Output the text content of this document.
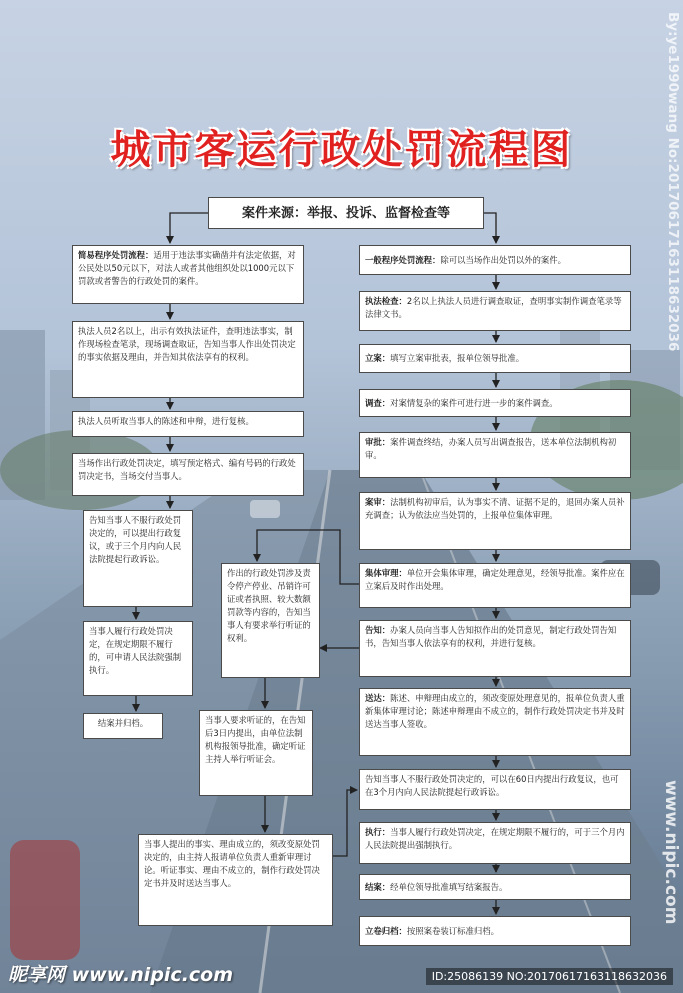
城市客运行政处罚流程图
案件来源：举报、投诉、监督检查等
简易程序处罚流程：适用于违法事实确凿并有法定依据，对公民处以50元以下，对法人或者其他组织处以1000元以下罚款或者警告的行政处罚的案件。
执法人员2名以上，出示有效执法证件，查明违法事实，制作现场检查笔录，现场调查取证，告知当事人作出处罚决定的事实依据及理由，并告知其依法享有的权利。
执法人员听取当事人的陈述和申辩，进行复核。
当场作出行政处罚决定，填写预定格式、编有号码的行政处罚决定书，当场交付当事人。
告知当事人不服行政处罚决定的，可以提出行政复议，或于三个月内向人民法院提起行政诉讼。
当事人履行行政处罚决定，在规定期限不履行的，可申请人民法院强制执行。
结案并归档。
作出的行政处罚涉及责令停产停业、吊销许可证或者执照、较大数额罚款等内容的，告知当事人有要求举行听证的权利。
当事人要求听证的，在告知后3日内提出，由单位法制机构报领导批准，确定听证主持人举行听证会。
当事人提出的事实、理由成立的，须改变原处罚决定的，由主持人报请单位负责人重新审理讨论。听证事实、理由不成立的，制作行政处罚决定书并及时送达当事人。
一般程序处罚流程：除可以当场作出处罚以外的案件。
执法检查：2名以上执法人员进行调查取证，查明事实制作调查笔录等法律文书。
立案：填写立案审批表，报单位领导批准。
调查：对案情复杂的案件可进行进一步的案件调查。
审批：案件调查终结，办案人员写出调查报告，送本单位法制机构初审。
案审：法制机构初审后，认为事实不清、证据不足的，退回办案人员补充调查；认为依法应当处罚的，上报单位集体审理。
集体审理：单位开会集体审理，确定处理意见，经领导批准。案件应在立案后及时作出处理。
告知：办案人员向当事人告知拟作出的处罚意见，制定行政处罚告知书，告知当事人依法享有的权利，并进行复核。
送达：陈述、申辩理由成立的，须改变原处理意见的，报单位负责人重新集体审理讨论；陈述申辩理由不成立的，制作行政处罚决定书并及时送达当事人签收。
告知当事人不服行政处罚决定的，可以在60日内提出行政复议，也可在3个月内向人民法院提起行政诉讼。
执行：当事人履行行政处罚决定，在规定期限不履行的，可于三个月内人民法院提出强制执行。
结案：经单位领导批准填写结案报告。
立卷归档：按照案卷装订标准归档。
By:ye1990wang No:20170617163118632036
www.nipic.com
昵享网 www.nipic.com	ID:25086139 NO:20170617163118632036
